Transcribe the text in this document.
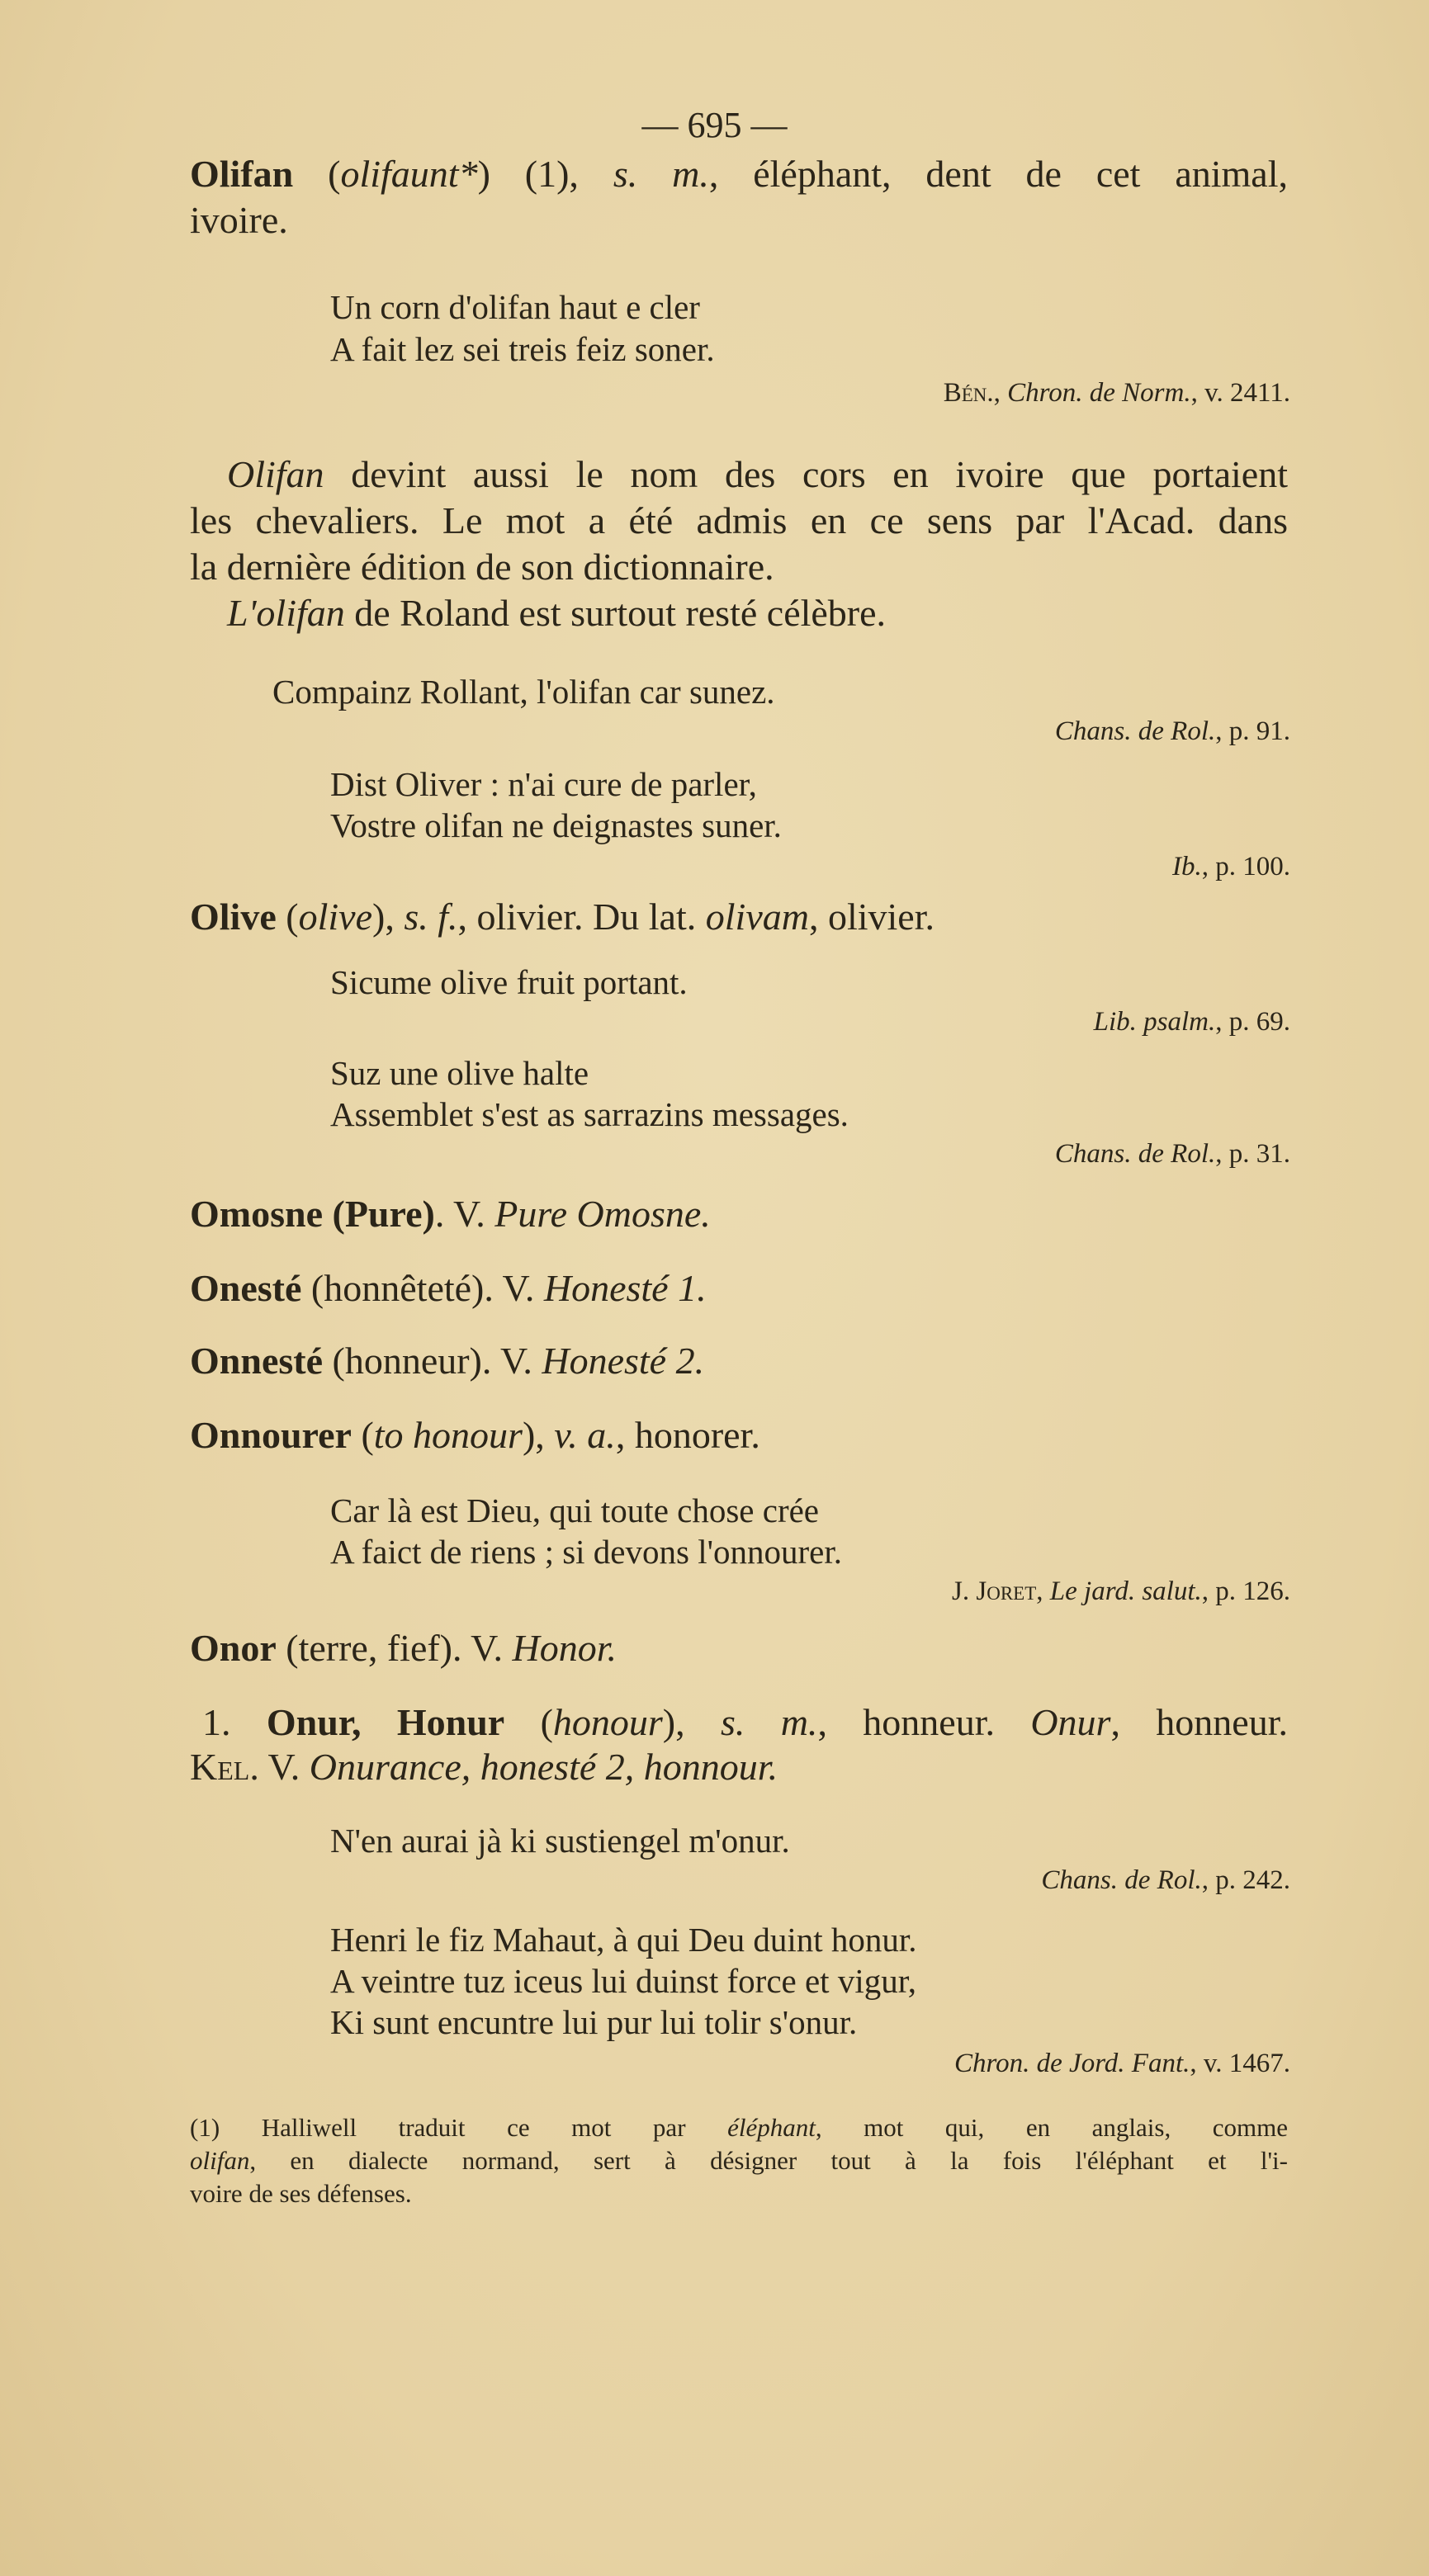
— 695 —
Olifan (olifaunt*) (1), s. m., éléphant, dent de cet animal,
ivoire.
Un corn d'olifan haut e cler
A fait lez sei treis feiz soner.
Bén., Chron. de Norm., v. 2411.
Olifan devint aussi le nom des cors en ivoire que portaient
les chevaliers. Le mot a été admis en ce sens par l'Acad. dans
la dernière édition de son dictionnaire.
L'olifan de Roland est surtout resté célèbre.
Compainz Rollant, l'olifan car sunez.
Chans. de Rol., p. 91.
Dist Oliver : n'ai cure de parler,
Vostre olifan ne deignastes suner.
Ib., p. 100.
Olive (olive), s. f., olivier. Du lat. olivam, olivier.
Sicume olive fruit portant.
Lib. psalm., p. 69.
Suz une olive halte
Assemblet s'est as sarrazins messages.
Chans. de Rol., p. 31.
Omosne (Pure). V. Pure Omosne.
Onesté (honnêteté). V. Honesté 1.
Onnesté (honneur). V. Honesté 2.
Onnourer (to honour), v. a., honorer.
Car là est Dieu, qui toute chose crée
A faict de riens ; si devons l'onnourer.
J. Joret, Le jard. salut., p. 126.
Onor (terre, fief). V. Honor.
1. Onur, Honur (honour), s. m., honneur. Onur, honneur.
Kel. V. Onurance, honesté 2, honnour.
N'en aurai jà ki sustiengel m'onur.
Chans. de Rol., p. 242.
Henri le fiz Mahaut, à qui Deu duint honur.
A veintre tuz iceus lui duinst force et vigur,
Ki sunt encuntre lui pur lui tolir s'onur.
Chron. de Jord. Fant., v. 1467.
(1) Halliwell traduit ce mot par éléphant, mot qui, en anglais, comme
olifan, en dialecte normand, sert à désigner tout à la fois l'éléphant et l'i-
voire de ses défenses.
